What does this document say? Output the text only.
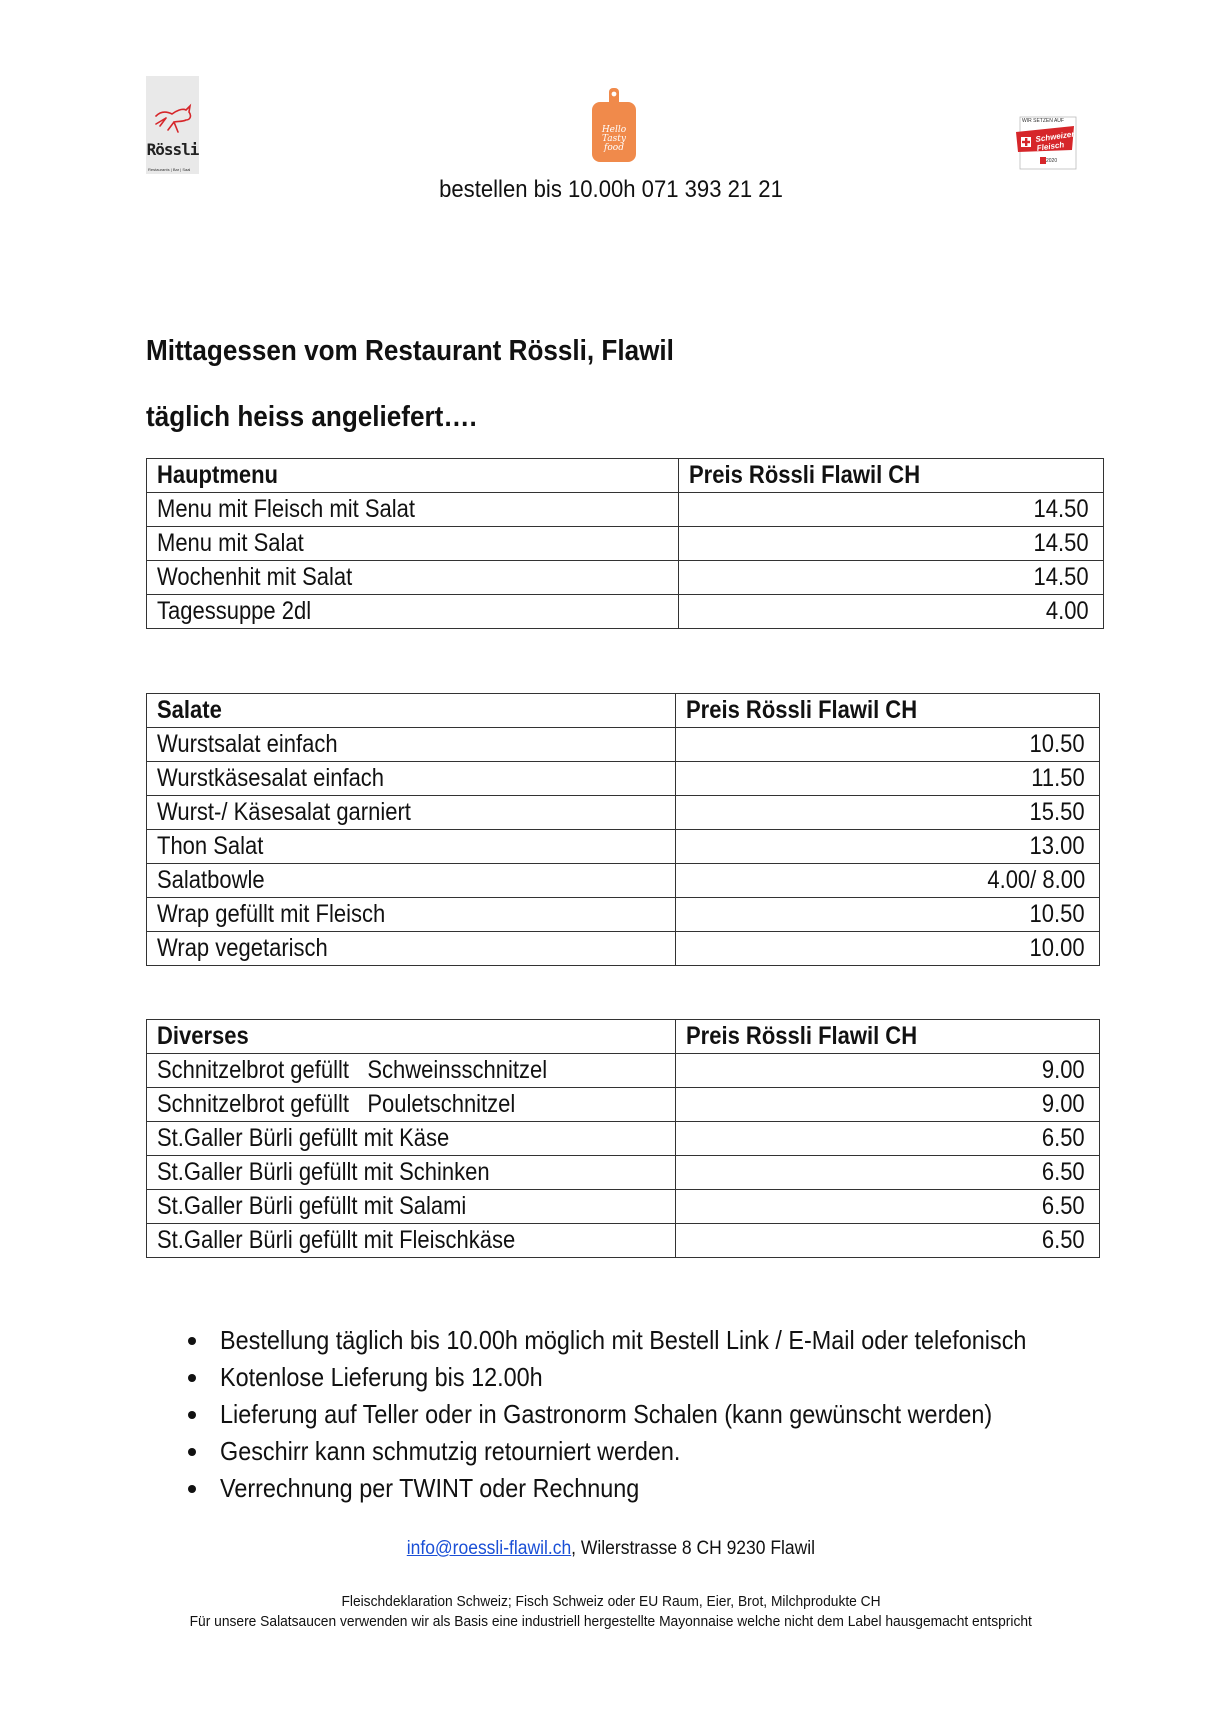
Rössli
Restaurants | Bar | Saal
Hello Tasty food
WIR SETZEN AUF
Schweizer Fleisch
2020
bestellen bis 10.00h 071 393 21 21
Mittagessen vom Restaurant Rössli, Flawil
täglich heiss angeliefert….
Hauptmenu	Preis Rössli Flawil CH
Menu mit Fleisch mit Salat	14.50
Menu mit Salat	14.50
Wochenhit mit Salat	14.50
Tagessuppe 2dl	4.00
Salate	Preis Rössli Flawil CH
Wurstsalat einfach	10.50
Wurstkäsesalat einfach	11.50
Wurst-/ Käsesalat garniert	15.50
Thon Salat	13.00
Salatbowle	4.00/ 8.00
Wrap gefüllt mit Fleisch	10.50
Wrap vegetarisch	10.00
Diverses	Preis Rössli Flawil CH
Schnitzelbrot gefüllt   Schweinsschnitzel	9.00
Schnitzelbrot gefüllt   Pouletschnitzel	9.00
St.Galler Bürli gefüllt mit Käse	6.50
St.Galler Bürli gefüllt mit Schinken	6.50
St.Galler Bürli gefüllt mit Salami	6.50
St.Galler Bürli gefüllt mit Fleischkäse	6.50
Bestellung täglich bis 10.00h möglich mit Bestell Link / E-Mail oder telefonisch
Kotenlose Lieferung bis 12.00h
Lieferung auf Teller oder in Gastronorm Schalen (kann gewünscht werden)
Geschirr kann schmutzig retourniert werden.
Verrechnung per TWINT oder Rechnung
info@roessli-flawil.ch, Wilerstrasse 8 CH 9230 Flawil
Fleischdeklaration Schweiz; Fisch Schweiz oder EU Raum, Eier, Brot, Milchprodukte CH
Für unsere Salatsaucen verwenden wir als Basis eine industriell hergestellte Mayonnaise welche nicht dem Label hausgemacht entspricht
